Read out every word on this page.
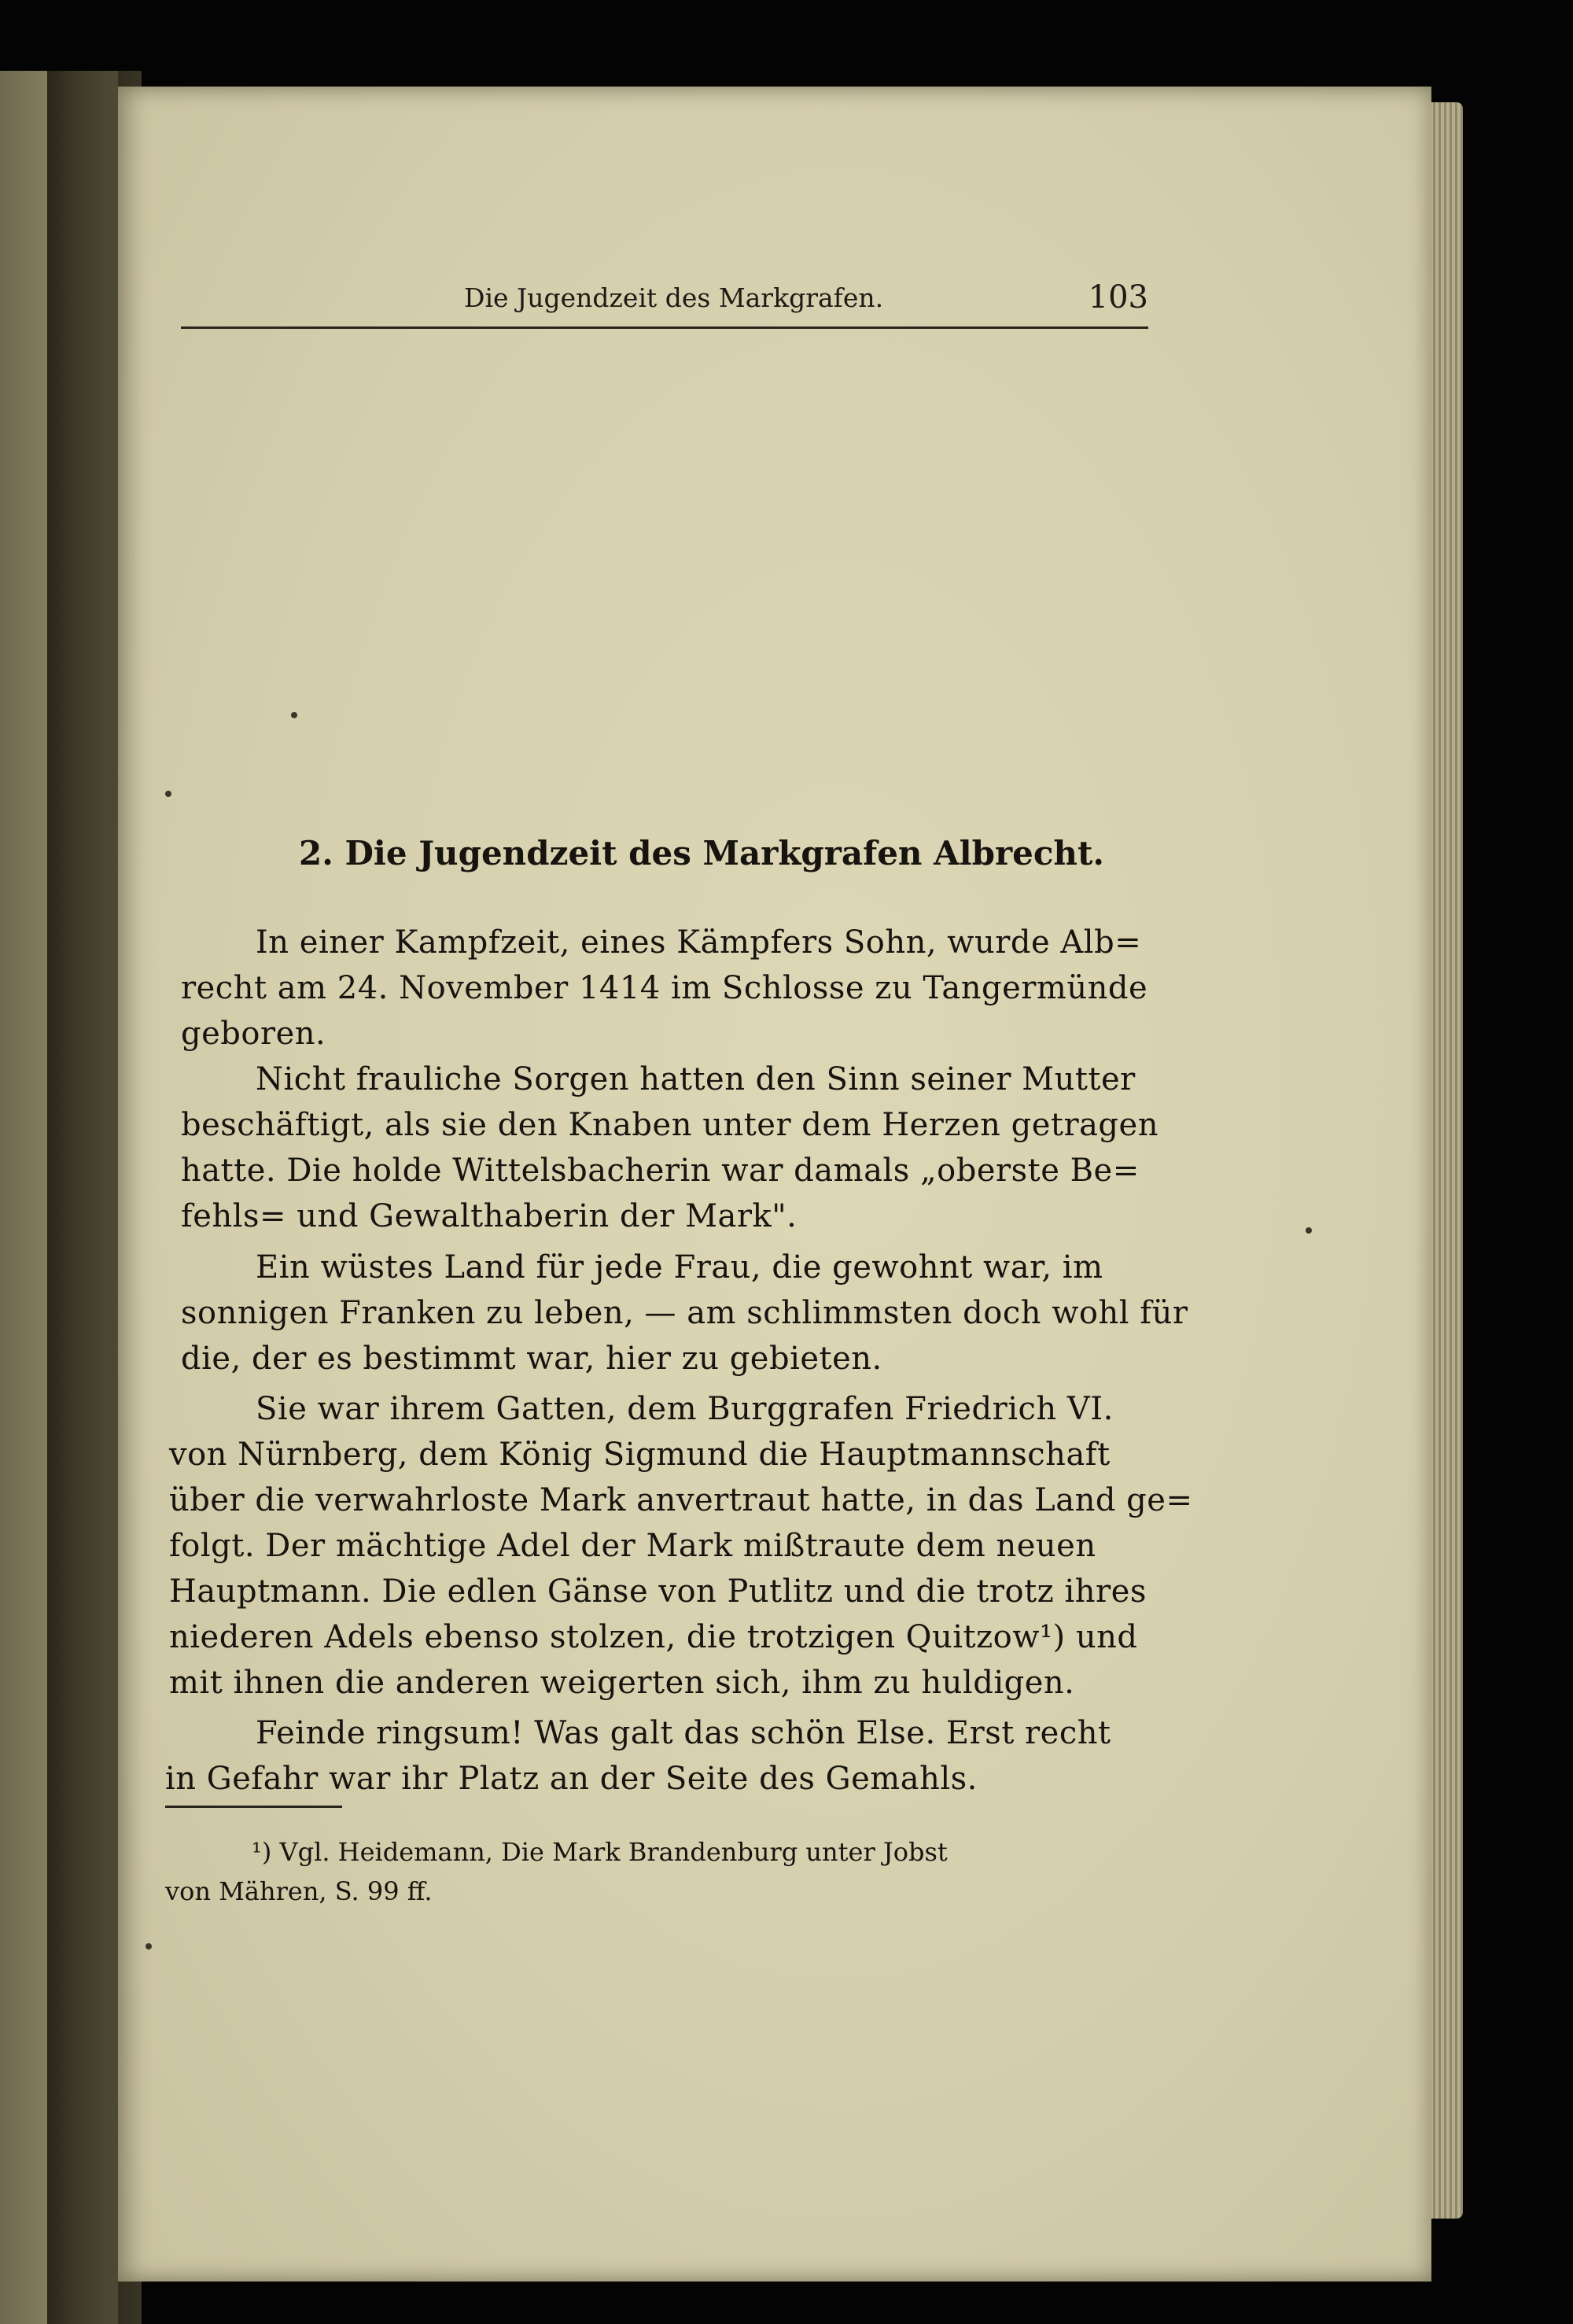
Die Jugendzeit des Markgrafen.	103
2. Die Jugendzeit des Markgrafen Albrecht.
In einer Kampfzeit, eines Kämpfers Sohn, wurde Alb=
recht am 24. November 1414 im Schlosse zu Tangermünde
geboren.
Nicht frauliche Sorgen hatten den Sinn seiner Mutter
beschäftigt, als sie den Knaben unter dem Herzen getragen
hatte. Die holde Wittelsbacherin war damals „oberste Be=
fehls= und Gewalthaberin der Mark".
Ein wüstes Land für jede Frau, die gewohnt war, im
sonnigen Franken zu leben, — am schlimmsten doch wohl für
die, der es bestimmt war, hier zu gebieten.
Sie war ihrem Gatten, dem Burggrafen Friedrich VI.
von Nürnberg, dem König Sigmund die Hauptmannschaft
über die verwahrloste Mark anvertraut hatte, in das Land ge=
folgt. Der mächtige Adel der Mark mißtraute dem neuen
Hauptmann. Die edlen Gänse von Putlitz und die trotz ihres
niederen Adels ebenso stolzen, die trotzigen Quitzow¹) und
mit ihnen die anderen weigerten sich, ihm zu huldigen.
Feinde ringsum! Was galt das schön Else. Erst recht
in Gefahr war ihr Platz an der Seite des Gemahls.
¹) Vgl. Heidemann, Die Mark Brandenburg unter Jobst
von Mähren, S. 99 ff.
